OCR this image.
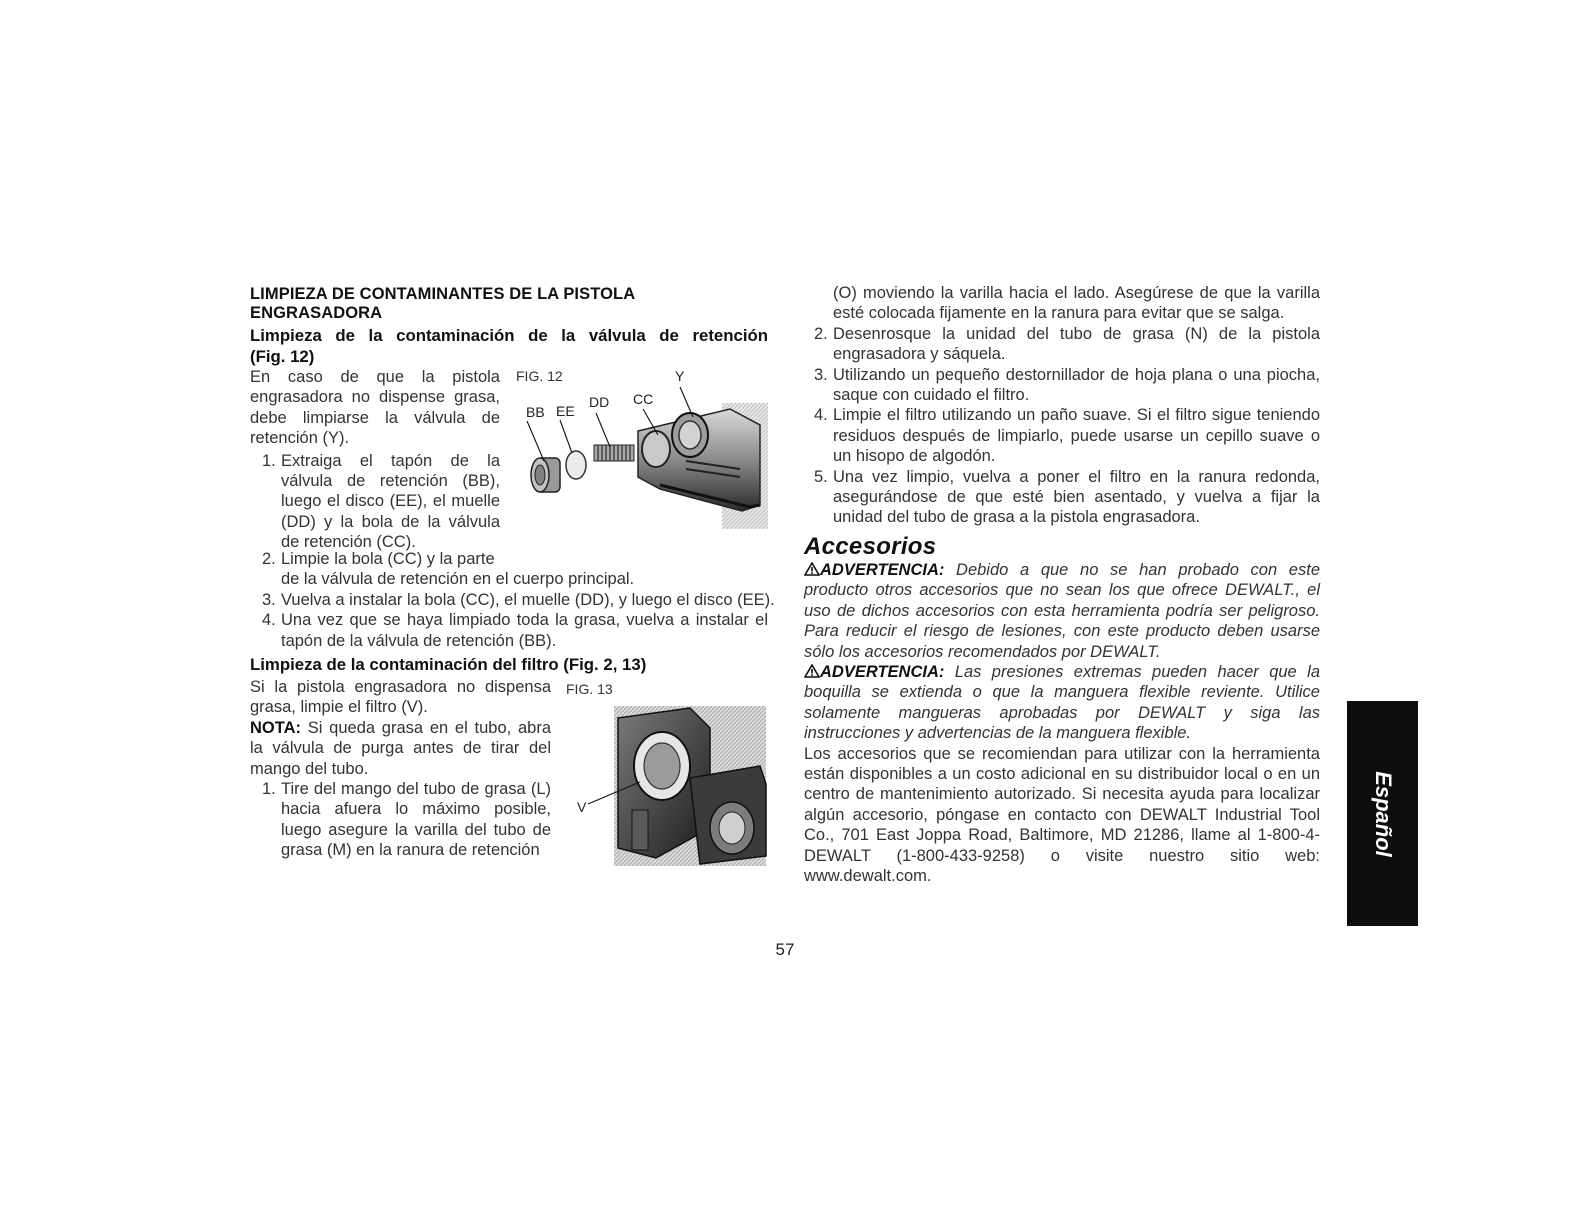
LIMPIEZA DE CONTAMINANTES DE LA PISTOLA
ENGRASADORA
Limpieza de la contaminación de la válvula de retención
(Fig. 12)

En caso de que la pistola engrasadora no dispense grasa, debe limpiarse la válvula de retención (Y).

1. Extraiga el tapón de la válvula de retención (BB), luego el disco (EE), el muelle (DD) y la bola de la válvula de retención (CC).

2. Limpie la bola (CC) y la parte

de la válvula de retención en el cuerpo principal.

3. Vuelva a instalar la bola (CC), el muelle (DD), y luego el disco (EE).

4. Una vez que se haya limpiado toda la grasa, vuelva a instalar el tapón de la válvula de retención (BB).

Limpieza de la contaminación del filtro (Fig. 2, 13)

Si la pistola engrasadora no dispensa grasa, limpie el filtro (V).

NOTA: Si queda grasa en el tubo, abra la válvula de purga antes de tirar del mango del tubo.

1. Tire del mango del tubo de grasa (L) hacia afuera lo máximo posible, luego asegure la varilla del tubo de grasa (M) en la ranura de retención

FIG. 12	Y
DD CC
BB EE
FIG. 13
V

(O) moviendo la varilla hacia el lado. Asegúrese de que la varilla esté colocada fijamente en la ranura para evitar que se salga.

2. Desenrosque la unidad del tubo de grasa (N) de la pistola engrasadora y sáquela.

3. Utilizando un pequeño destornillador de hoja plana o una piocha, saque con cuidado el filtro.

4. Limpie el filtro utilizando un paño suave. Si el filtro sigue teniendo residuos después de limpiarlo, puede usarse un cepillo suave o un hisopo de algodón.

5. Una vez limpio, vuelva a poner el filtro en la ranura redonda, asegurándose de que esté bien asentado, y vuelva a fijar la unidad del tubo de grasa a la pistola engrasadora.

Accesorios

ADVERTENCIA: Debido a que no se han probado con este producto otros accesorios que no sean los que ofrece DEWALT., el uso de dichos accesorios con esta herramienta podría ser peligroso. Para reducir el riesgo de lesiones, con este producto deben usarse sólo los accesorios recomendados por DEWALT.

ADVERTENCIA: Las presiones extremas pueden hacer que la boquilla se extienda o que la manguera flexible reviente. Utilice solamente mangueras aprobadas por DEWALT y siga las instrucciones y advertencias de la manguera flexible.

Los accesorios que se recomiendan para utilizar con la herramienta están disponibles a un costo adicional en su distribuidor local o en un centro de mantenimiento autorizado. Si necesita ayuda para localizar algún accesorio, póngase en contacto con DEWALT Industrial Tool Co., 701 East Joppa Road, Baltimore, MD 21286, llame al 1-800-4-DEWALT (1-800-433-9258) o visite nuestro sitio web: www.dewalt.com.

Español
57
